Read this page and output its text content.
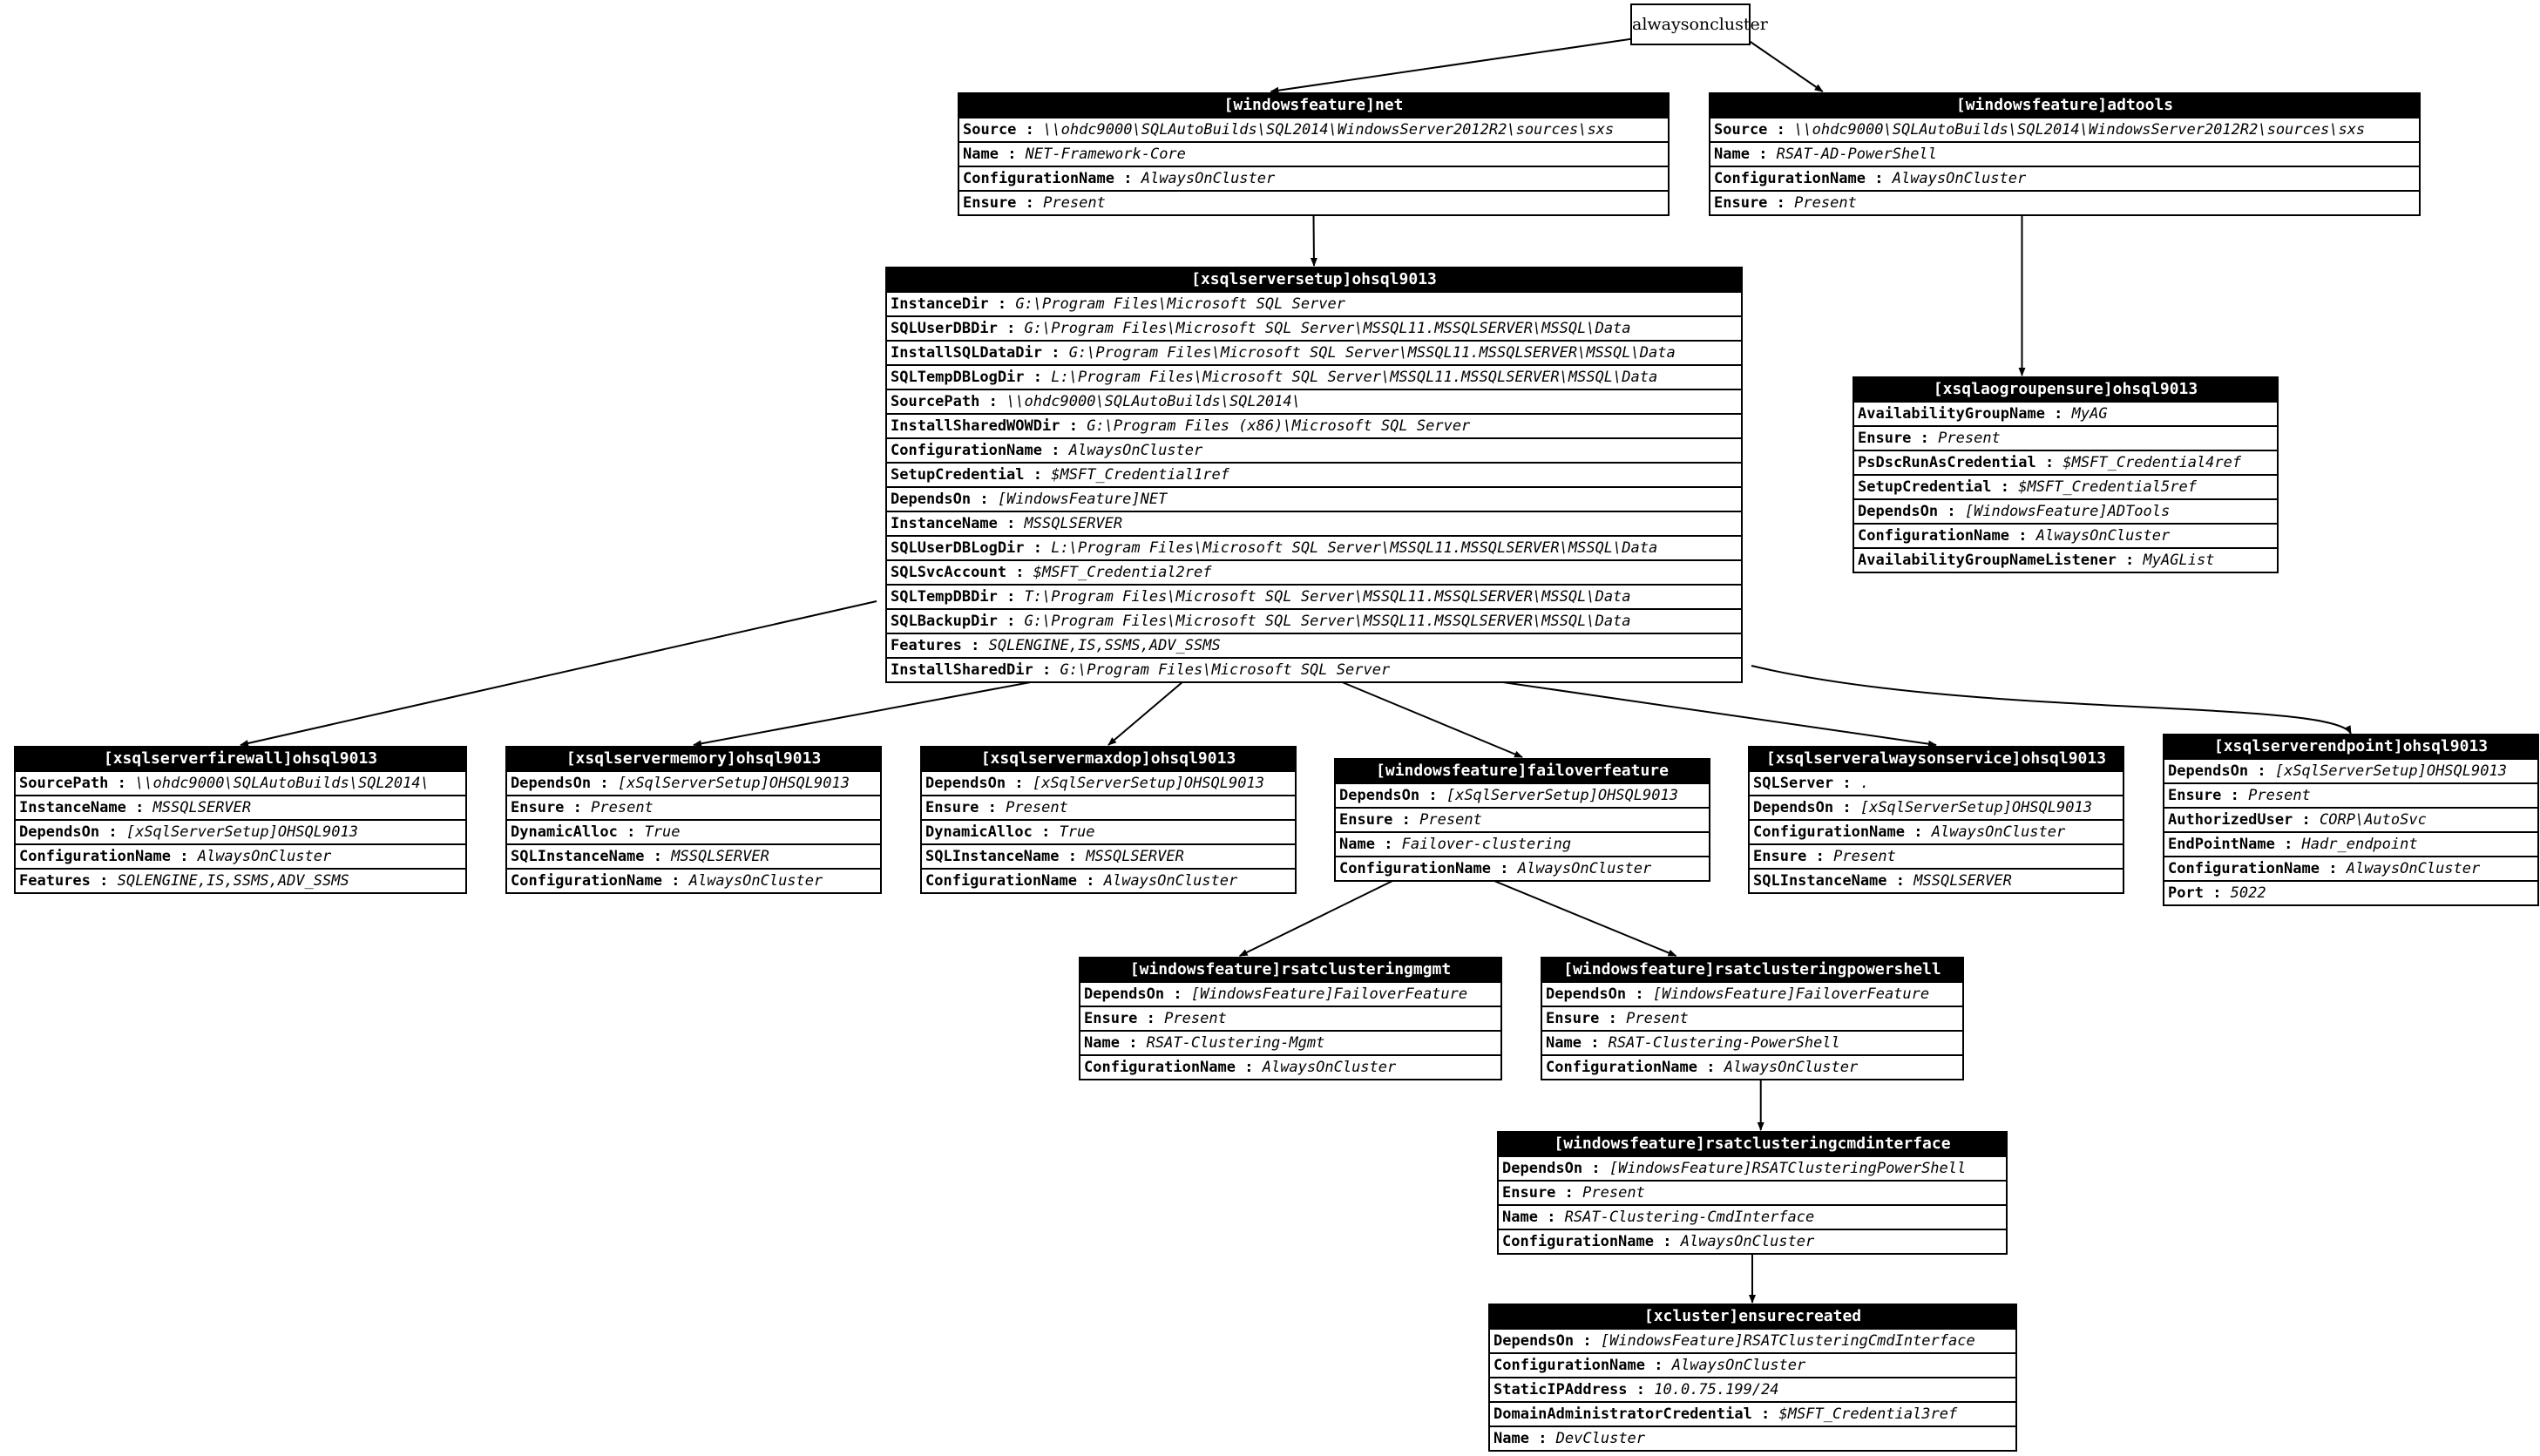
alwaysoncluster
[windowsfeature]net
Source : \\ohdc9000\SQLAutoBuilds\SQL2014\WindowsServer2012R2\sources\sxs
Name : NET-Framework-Core
ConfigurationName : AlwaysOnCluster
Ensure : Present
[windowsfeature]adtools
Source : \\ohdc9000\SQLAutoBuilds\SQL2014\WindowsServer2012R2\sources\sxs
Name : RSAT-AD-PowerShell
ConfigurationName : AlwaysOnCluster
Ensure : Present
[xsqlserversetup]ohsql9013
InstanceDir : G:\Program Files\Microsoft SQL Server
SQLUserDBDir : G:\Program Files\Microsoft SQL Server\MSSQL11.MSSQLSERVER\MSSQL\Data
InstallSQLDataDir : G:\Program Files\Microsoft SQL Server\MSSQL11.MSSQLSERVER\MSSQL\Data
SQLTempDBLogDir : L:\Program Files\Microsoft SQL Server\MSSQL11.MSSQLSERVER\MSSQL\Data
SourcePath : \\ohdc9000\SQLAutoBuilds\SQL2014\
InstallSharedWOWDir : G:\Program Files (x86)\Microsoft SQL Server
ConfigurationName : AlwaysOnCluster
SetupCredential : $MSFT_Credential1ref
DependsOn : [WindowsFeature]NET
InstanceName : MSSQLSERVER
SQLUserDBLogDir : L:\Program Files\Microsoft SQL Server\MSSQL11.MSSQLSERVER\MSSQL\Data
SQLSvcAccount : $MSFT_Credential2ref
SQLTempDBDir : T:\Program Files\Microsoft SQL Server\MSSQL11.MSSQLSERVER\MSSQL\Data
SQLBackupDir : G:\Program Files\Microsoft SQL Server\MSSQL11.MSSQLSERVER\MSSQL\Data
Features : SQLENGINE,IS,SSMS,ADV_SSMS
InstallSharedDir : G:\Program Files\Microsoft SQL Server
[xsqlaogroupensure]ohsql9013
AvailabilityGroupName : MyAG
Ensure : Present
PsDscRunAsCredential : $MSFT_Credential4ref
SetupCredential : $MSFT_Credential5ref
DependsOn : [WindowsFeature]ADTools
ConfigurationName : AlwaysOnCluster
AvailabilityGroupNameListener : MyAGList
[xsqlserverfirewall]ohsql9013
SourcePath : \\ohdc9000\SQLAutoBuilds\SQL2014\
InstanceName : MSSQLSERVER
DependsOn : [xSqlServerSetup]OHSQL9013
ConfigurationName : AlwaysOnCluster
Features : SQLENGINE,IS,SSMS,ADV_SSMS
[xsqlservermemory]ohsql9013
DependsOn : [xSqlServerSetup]OHSQL9013
Ensure : Present
DynamicAlloc : True
SQLInstanceName : MSSQLSERVER
ConfigurationName : AlwaysOnCluster
[xsqlservermaxdop]ohsql9013
DependsOn : [xSqlServerSetup]OHSQL9013
Ensure : Present
DynamicAlloc : True
SQLInstanceName : MSSQLSERVER
ConfigurationName : AlwaysOnCluster
[windowsfeature]failoverfeature
DependsOn : [xSqlServerSetup]OHSQL9013
Ensure : Present
Name : Failover-clustering
ConfigurationName : AlwaysOnCluster
[xsqlserveralwaysonservice]ohsql9013
SQLServer : .
DependsOn : [xSqlServerSetup]OHSQL9013
ConfigurationName : AlwaysOnCluster
Ensure : Present
SQLInstanceName : MSSQLSERVER
[xsqlserverendpoint]ohsql9013
DependsOn : [xSqlServerSetup]OHSQL9013
Ensure : Present
AuthorizedUser : CORP\AutoSvc
EndPointName : Hadr_endpoint
ConfigurationName : AlwaysOnCluster
Port : 5022
[windowsfeature]rsatclusteringmgmt
DependsOn : [WindowsFeature]FailoverFeature
Ensure : Present
Name : RSAT-Clustering-Mgmt
ConfigurationName : AlwaysOnCluster
[windowsfeature]rsatclusteringpowershell
DependsOn : [WindowsFeature]FailoverFeature
Ensure : Present
Name : RSAT-Clustering-PowerShell
ConfigurationName : AlwaysOnCluster
[windowsfeature]rsatclusteringcmdinterface
DependsOn : [WindowsFeature]RSATClusteringPowerShell
Ensure : Present
Name : RSAT-Clustering-CmdInterface
ConfigurationName : AlwaysOnCluster
[xcluster]ensurecreated
DependsOn : [WindowsFeature]RSATClusteringCmdInterface
ConfigurationName : AlwaysOnCluster
StaticIPAddress : 10.0.75.199/24
DomainAdministratorCredential : $MSFT_Credential3ref
Name : DevCluster
